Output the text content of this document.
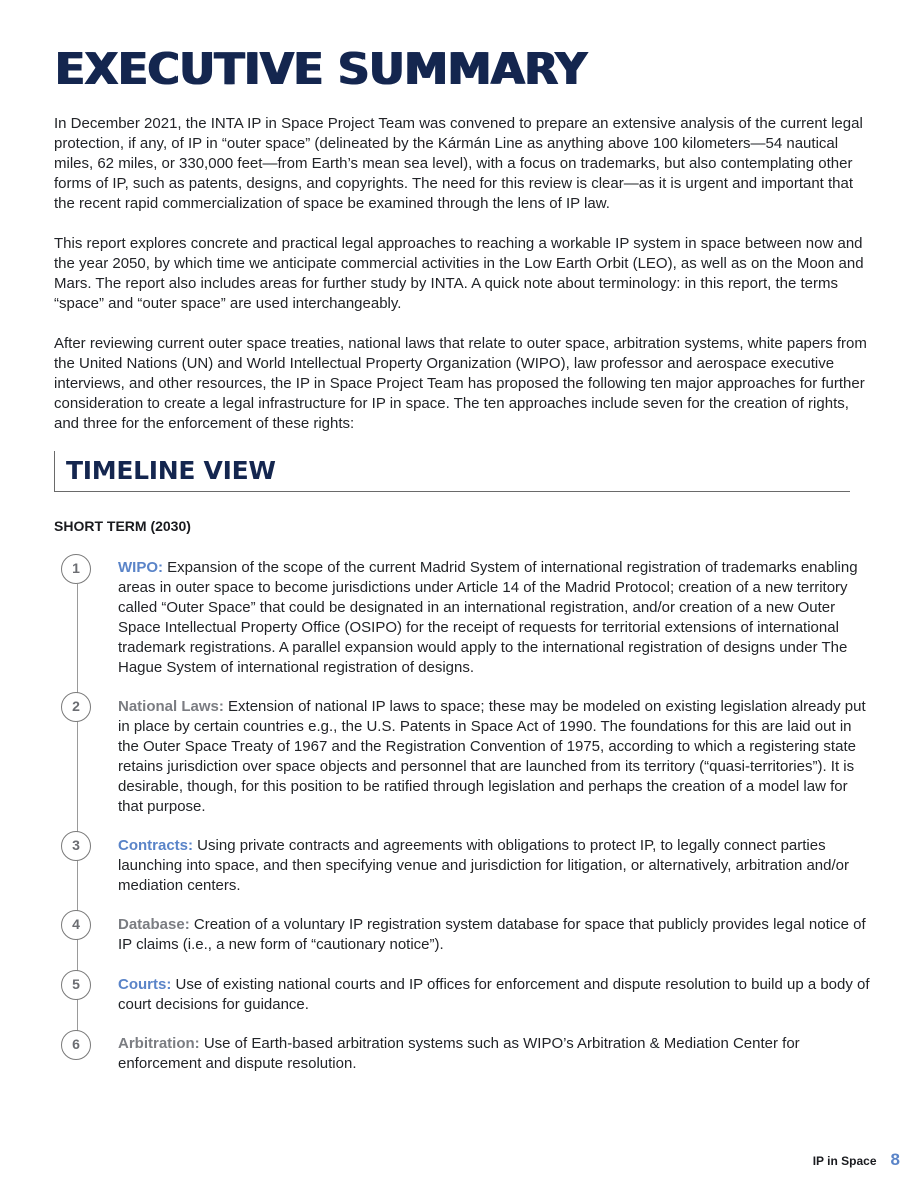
EXECUTIVE SUMMARY

In December 2021, the INTA IP in Space Project Team was convened to prepare an extensive analysis of the current legal protection, if any, of IP in “outer space” (delineated by the Kármán Line as anything above 100 kilometers—54 nautical miles, 62 miles, or 330,000 feet—from Earth’s mean sea level), with a focus on trademarks, but also contemplating other forms of IP, such as patents, designs, and copyrights. The need for this review is clear—as it is urgent and important that the recent rapid commercialization of space be examined through the lens of IP law.

This report explores concrete and practical legal approaches to reaching a workable IP system in space between now and the year 2050, by which time we anticipate commercial activities in the Low Earth Orbit (LEO), as well as on the Moon and Mars. The report also includes areas for further study by INTA. A quick note about terminology: in this report, the terms “space” and “outer space” are used interchangeably.

After reviewing current outer space treaties, national laws that relate to outer space, arbitration systems, white papers from the United Nations (UN) and World Intellectual Property Organization (WIPO), law professor and aerospace executive interviews, and other resources, the IP in Space Project Team has proposed the following ten major approaches for further consideration to create a legal infrastructure for IP in space. The ten approaches include seven for the creation of rights, and three for the enforcement of these rights:

TIMELINE VIEW
SHORT TERM (2030)
1	WIPO: Expansion of the scope of the current Madrid System of international registration of trademarks enabling areas in outer space to become jurisdictions under Article 14 of the Madrid Protocol; creation of a new territory called “Outer Space” that could be designated in an international registration, and/or creation of a new Outer Space Intellectual Property Office (OSIPO) for the receipt of requests for territorial extensions of international trademark registrations. A parallel expansion would apply to the international registration of designs under The Hague System of international registration of designs.
2	National Laws: Extension of national IP laws to space; these may be modeled on existing legislation already put in place by certain countries e.g., the U.S. Patents in Space Act of 1990. The foundations for this are laid out in the Outer Space Treaty of 1967 and the Registration Convention of 1975, according to which a registering state retains jurisdiction over space objects and personnel that are launched from its territory (“quasi-territories”). It is desirable, though, for this position to be ratified through legislation and perhaps the creation of a model law for that purpose.
3	Contracts: Using private contracts and agreements with obligations to protect IP, to legally connect parties launching into space, and then specifying venue and jurisdiction for litigation, or alternatively, arbitration and/or mediation centers.
4	Database: Creation of a voluntary IP registration system database for space that publicly provides legal notice of IP claims (i.e., a new form of “cautionary notice”).
5	Courts: Use of existing national courts and IP offices for enforcement and dispute resolution to build up a body of court decisions for guidance.
6	Arbitration: Use of Earth-based arbitration systems such as WIPO’s Arbitration & Mediation Center for enforcement and dispute resolution.
IP in Space 8
